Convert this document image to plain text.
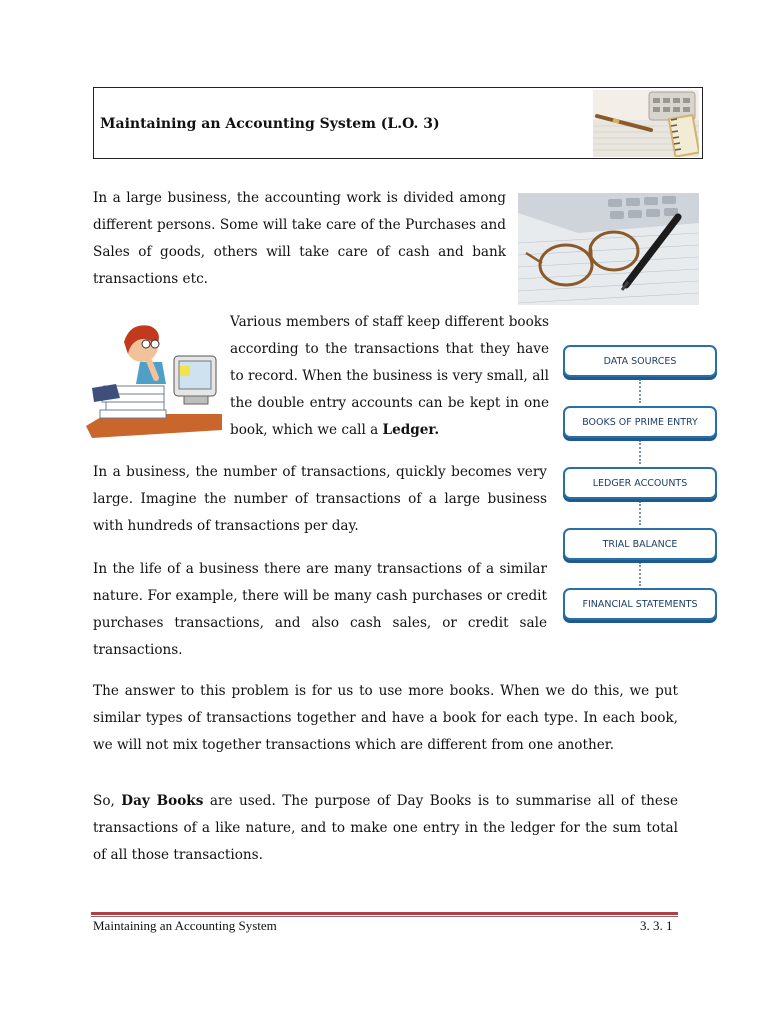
Maintaining an Accounting System (L.O. 3)

In a large business, the accounting work is divided among different persons. Some will take care of the Purchases and Sales of goods, others will take care of cash and bank transactions etc.

Various members of staff keep different books according to the transactions that they have to record. When the business is very small, all the double entry accounts can be kept in one book, which we call a Ledger.

DATA SOURCES
BOOKS OF PRIME ENTRY
LEDGER ACCOUNTS
TRIAL BALANCE
FINANCIAL STATEMENTS

In a business, the number of transactions, quickly becomes very large. Imagine the number of transactions of a large business with hundreds of transactions per day.

In the life of a business there are many transactions of a similar nature. For example, there will be many cash purchases or credit purchases transactions, and also cash sales, or credit sale transactions.

The answer to this problem is for us to use more books. When we do this, we put similar types of transactions together and have a book for each type. In each book, we will not mix together transactions which are different from one another.

So, Day Books are used. The purpose of Day Books is to summarise all of these transactions of a like nature, and to make one entry in the ledger for the sum total of all those transactions.

Maintaining an Accounting System	3. 3. 1
